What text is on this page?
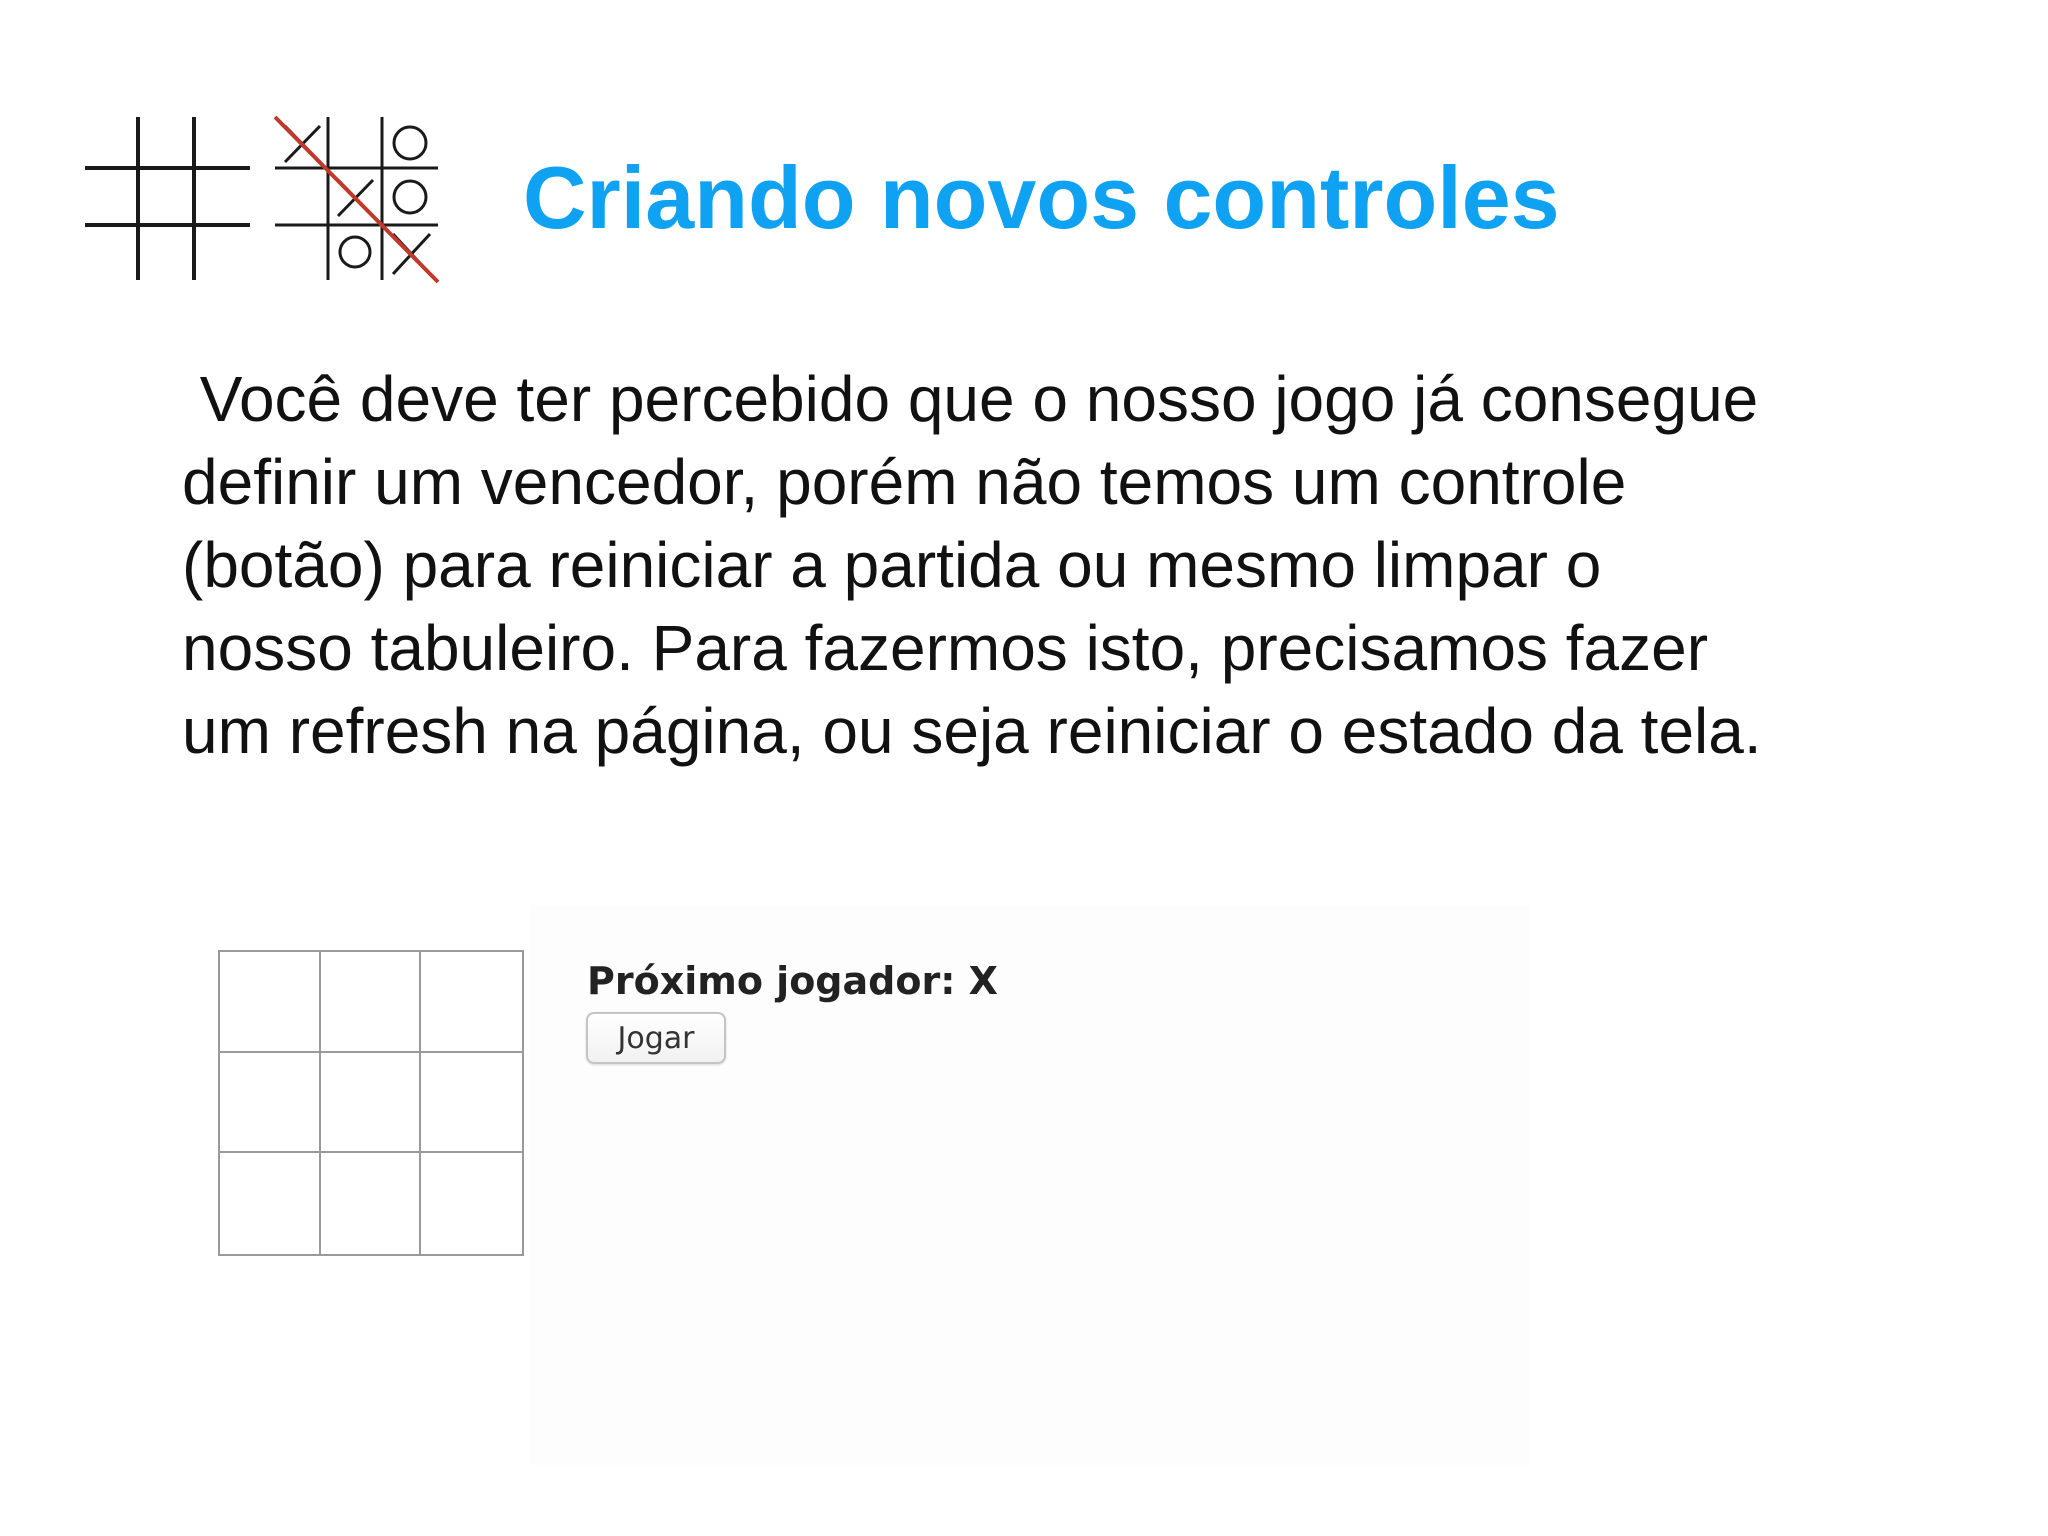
Criando novos controles

Você deve ter percebido que o nosso jogo já consegue
definir um vencedor, porém não temos um controle
(botão) para reiniciar a partida ou mesmo limpar o
nosso tabuleiro. Para fazermos isto, precisamos fazer
um refresh na página, ou seja reiniciar o estado da tela.

Próximo jogador: X
Jogar
